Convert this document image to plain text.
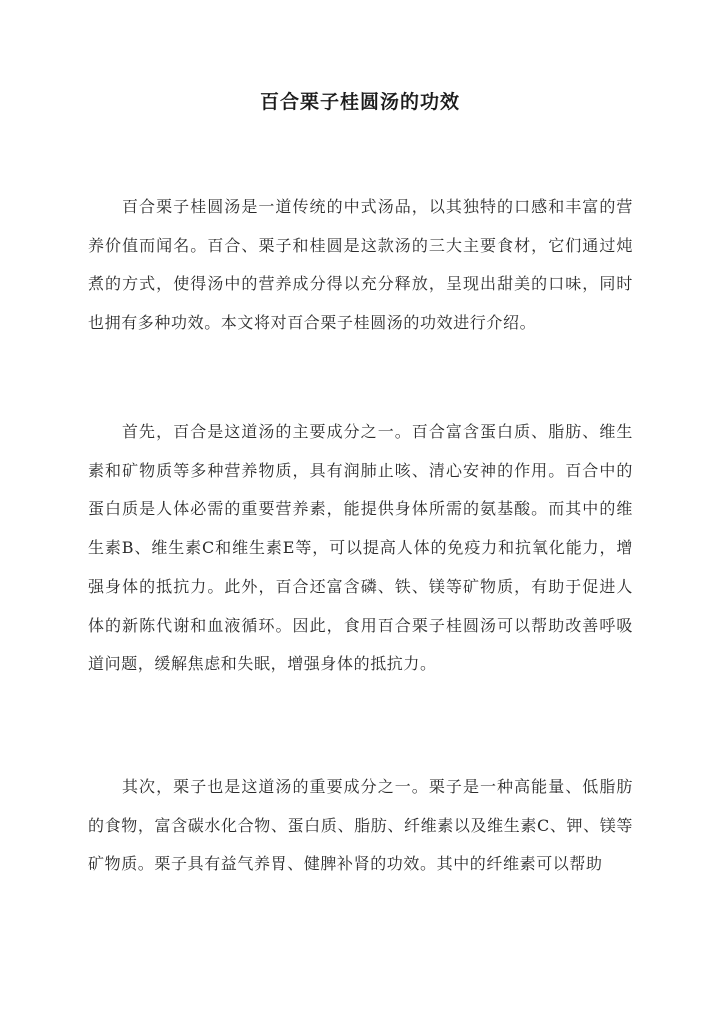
百合栗子桂圆汤的功效

百合栗子桂圆汤是一道传统的中式汤品，以其独特的口感和丰富的营养价值而闻名。百合、栗子和桂圆是这款汤的三大主要食材，它们通过炖煮的方式，使得汤中的营养成分得以充分释放，呈现出甜美的口味，同时也拥有多种功效。本文将对百合栗子桂圆汤的功效进行介绍。

首先，百合是这道汤的主要成分之一。百合富含蛋白质、脂肪、维生素和矿物质等多种营养物质，具有润肺止咳、清心安神的作用。百合中的蛋白质是人体必需的重要营养素，能提供身体所需的氨基酸。而其中的维生素B、维生素C和维生素E等，可以提高人体的免疫力和抗氧化能力，增强身体的抵抗力。此外，百合还富含磷、铁、镁等矿物质，有助于促进人体的新陈代谢和血液循环。因此，食用百合栗子桂圆汤可以帮助改善呼吸道问题，缓解焦虑和失眠，增强身体的抵抗力。

其次，栗子也是这道汤的重要成分之一。栗子是一种高能量、低脂肪的食物，富含碳水化合物、蛋白质、脂肪、纤维素以及维生素C、钾、镁等矿物质。栗子具有益气养胃、健脾补肾的功效。其中的纤维素可以帮助
